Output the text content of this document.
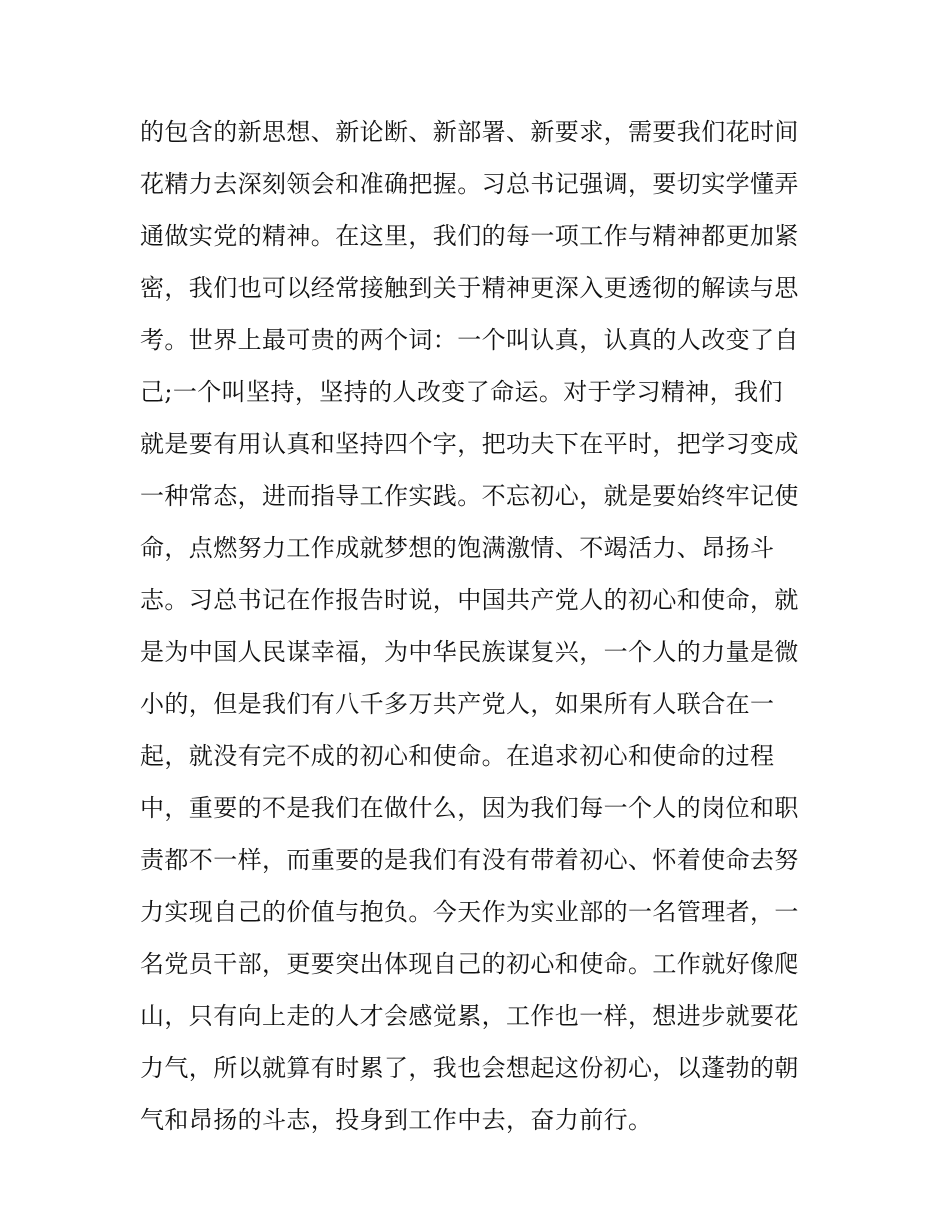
的包含的新思想、新论断、新部署、新要求，需要我们花时间
花精力去深刻领会和准确把握。习总书记强调，要切实学懂弄
通做实党的精神。在这里，我们的每一项工作与精神都更加紧
密，我们也可以经常接触到关于精神更深入更透彻的解读与思
考。世界上最可贵的两个词：一个叫认真，认真的人改变了自
己;一个叫坚持，坚持的人改变了命运。对于学习精神，我们
就是要有用认真和坚持四个字，把功夫下在平时，把学习变成
一种常态，进而指导工作实践。不忘初心，就是要始终牢记使
命，点燃努力工作成就梦想的饱满激情、不竭活力、昂扬斗
志。习总书记在作报告时说，中国共产党人的初心和使命，就
是为中国人民谋幸福，为中华民族谋复兴，一个人的力量是微
小的，但是我们有八千多万共产党人，如果所有人联合在一
起，就没有完不成的初心和使命。在追求初心和使命的过程
中，重要的不是我们在做什么，因为我们每一个人的岗位和职
责都不一样，而重要的是我们有没有带着初心、怀着使命去努
力实现自己的价值与抱负。今天作为实业部的一名管理者，一
名党员干部，更要突出体现自己的初心和使命。工作就好像爬
山，只有向上走的人才会感觉累，工作也一样，想进步就要花
力气，所以就算有时累了，我也会想起这份初心，以蓬勃的朝
气和昂扬的斗志，投身到工作中去，奋力前行。
